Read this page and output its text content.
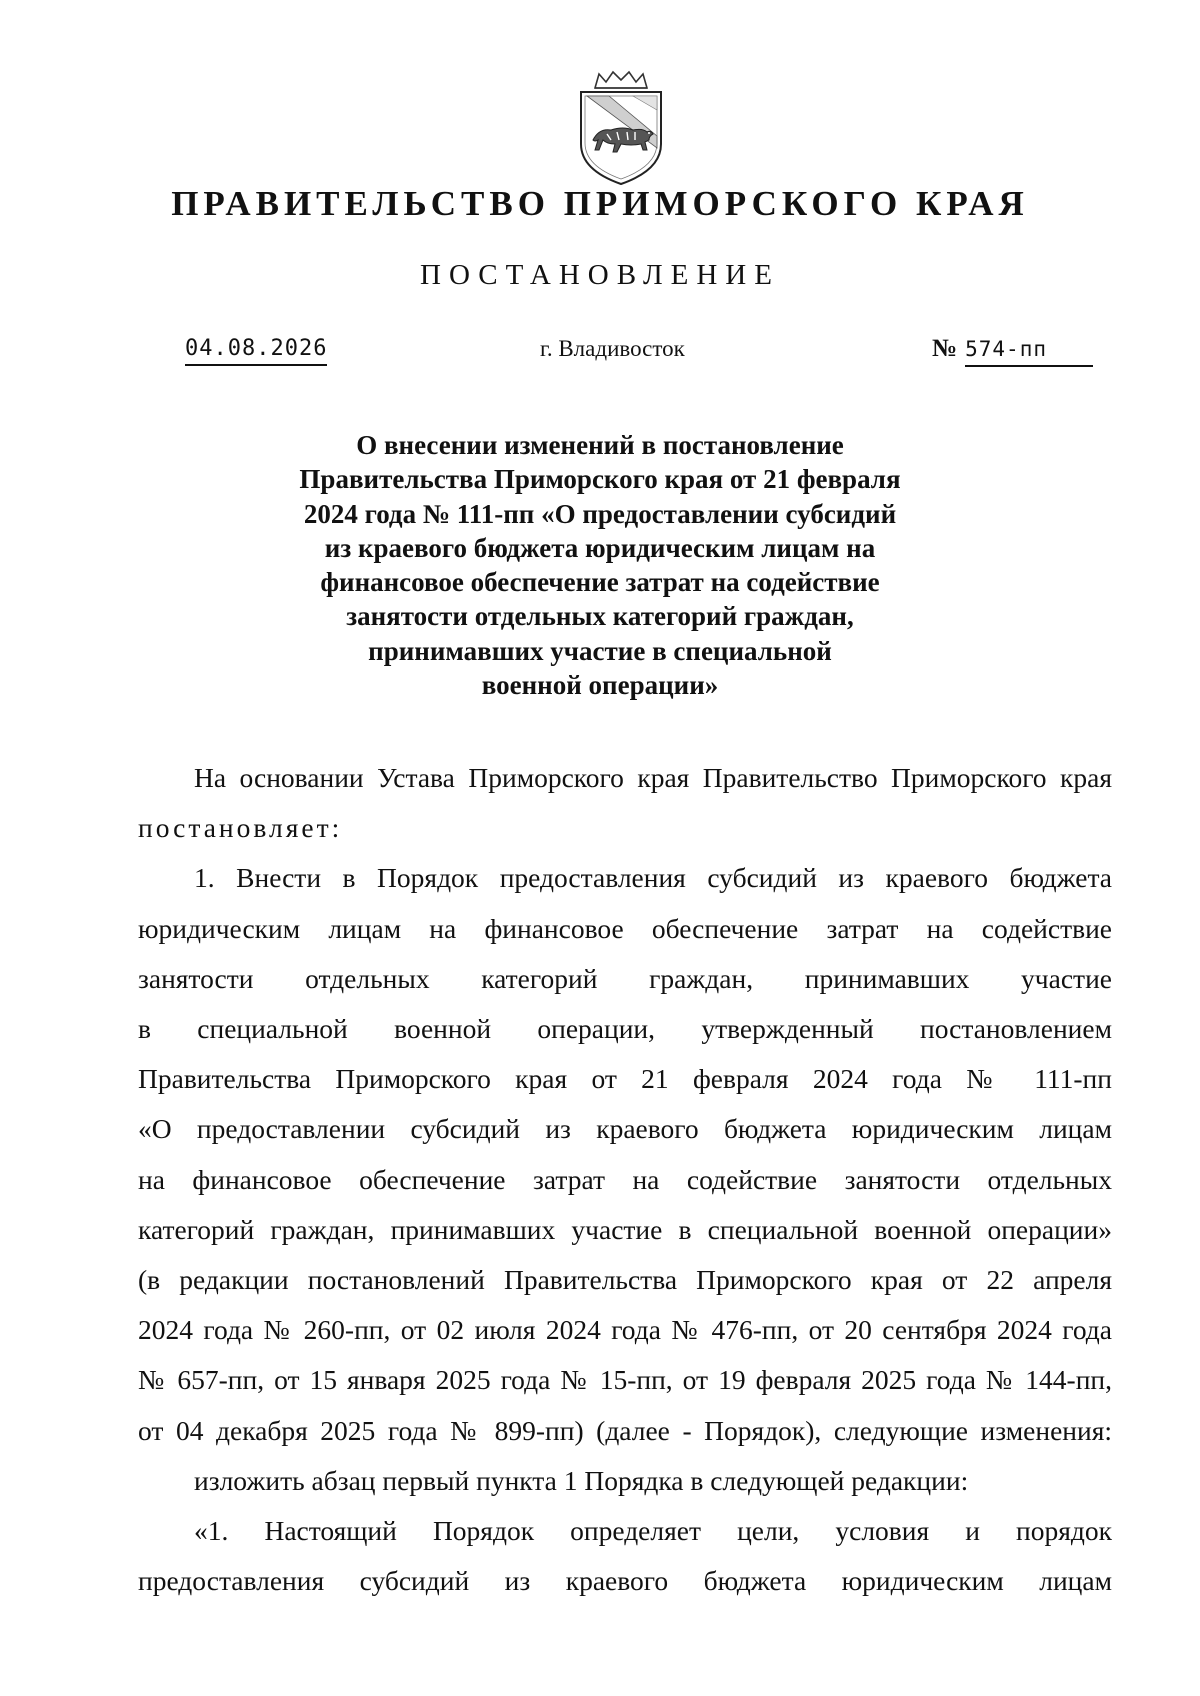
ПРАВИТЕЛЬСТВО ПРИМОРСКОГО КРАЯ
ПОСТАНОВЛЕНИЕ
04.08.2026	г. Владивосток	№ 574-пп
О внесении изменений в постановление
Правительства Приморского края от 21 февраля
2024 года № 111-пп «О предоставлении субсидий
из краевого бюджета юридическим лицам на
финансовое обеспечение затрат на содействие
занятости отдельных категорий граждан,
принимавших участие в специальной
военной операции»
На основании Устава Приморского края Правительство Приморского края
постановляет:
1. Внести в Порядок предоставления субсидий из краевого бюджета
юридическим лицам на финансовое обеспечение затрат на содействие
занятости отдельных категорий граждан, принимавших участие
в специальной военной операции, утвержденный постановлением
Правительства Приморского края от 21 февраля 2024 года № 111-пп
«О предоставлении субсидий из краевого бюджета юридическим лицам
на финансовое обеспечение затрат на содействие занятости отдельных
категорий граждан, принимавших участие в специальной военной операции»
(в редакции постановлений Правительства Приморского края от 22 апреля
2024 года № 260-пп, от 02 июля 2024 года № 476-пп, от 20 сентября 2024 года
№ 657-пп, от 15 января 2025 года № 15-пп, от 19 февраля 2025 года № 144-пп,
от 04 декабря 2025 года № 899-пп) (далее - Порядок), следующие изменения:
изложить абзац первый пункта 1 Порядка в следующей редакции:
«1. Настоящий Порядок определяет цели, условия и порядок
предоставления субсидий из краевого бюджета юридическим лицам
